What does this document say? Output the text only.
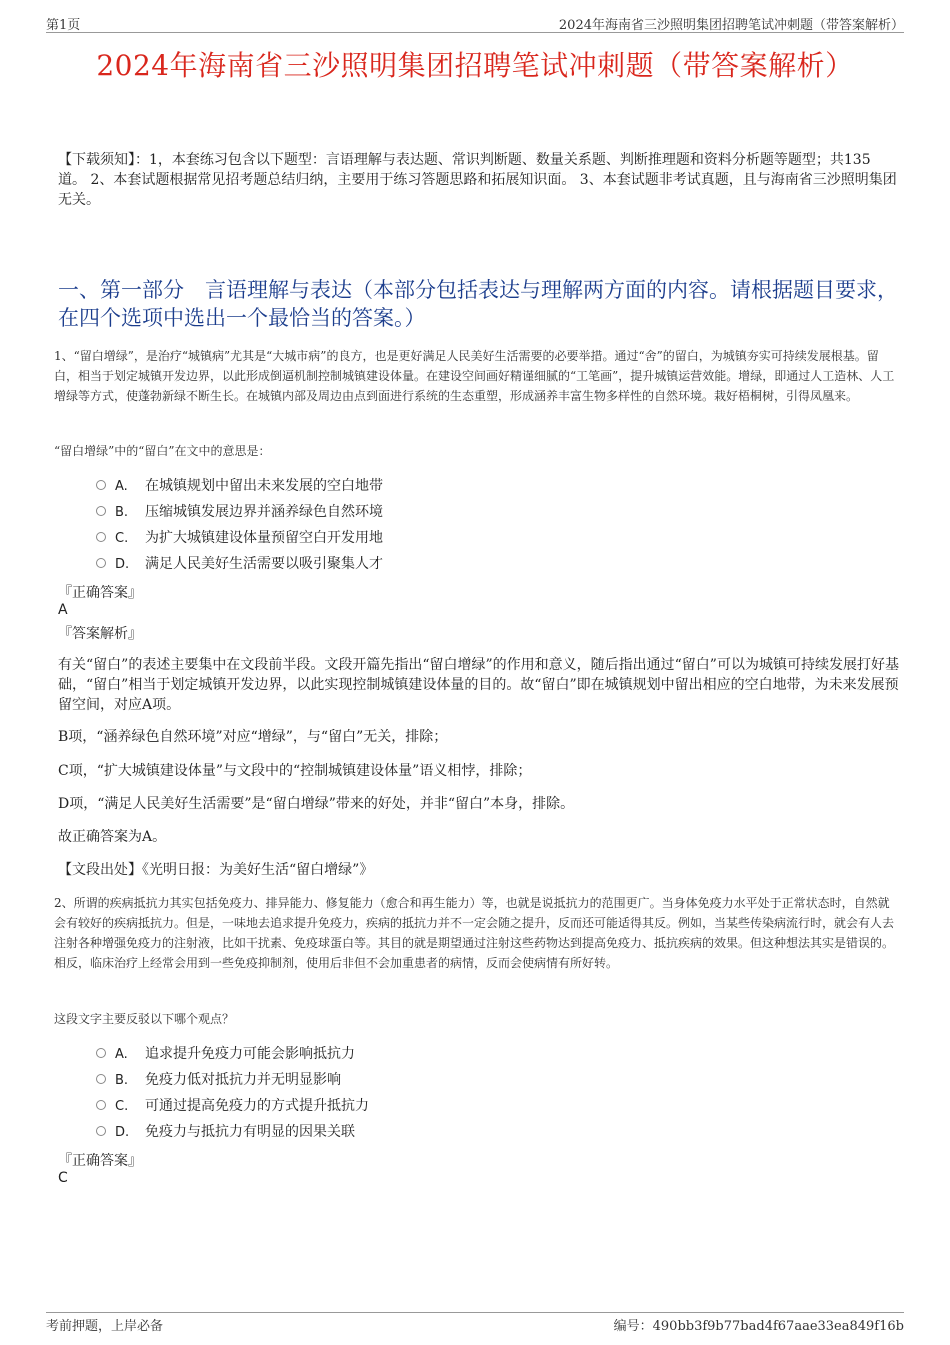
第1页	2024年海南省三沙照明集团招聘笔试冲刺题（带答案解析）
2024年海南省三沙照明集团招聘笔试冲刺题（带答案解析）
【下载须知】：1，本套练习包含以下题型：言语理解与表达题、常识判断题、数量关系题、判断推理题和资料分析题等题型；共135道。 2、本套试题根据常见招考题总结归纳，主要用于练习答题思路和拓展知识面。 3、本套试题非考试真题，且与海南省三沙照明集团无关。
一、第一部分　言语理解与表达（本部分包括表达与理解两方面的内容。请根据题目要求，在四个选项中选出一个最恰当的答案。）
1、“留白增绿”，是治疗“城镇病”尤其是“大城市病”的良方，也是更好满足人民美好生活需要的必要举措。通过“舍”的留白，为城镇夯实可持续发展根基。留白，相当于划定城镇开发边界，以此形成倒逼机制控制城镇建设体量。在建设空间画好精谨细腻的“工笔画”，提升城镇运营效能。增绿，即通过人工造林、人工增绿等方式，使蓬勃新绿不断生长。在城镇内部及周边由点到面进行系统的生态重塑，形成涵养丰富生物多样性的自然环境。栽好梧桐树，引得凤凰来。
“留白增绿”中的“留白”在文中的意思是：
A. 在城镇规划中留出未来发展的空白地带
B. 压缩城镇发展边界并涵养绿色自然环境
C. 为扩大城镇建设体量预留空白开发用地
D. 满足人民美好生活需要以吸引聚集人才
『正确答案』
A
『答案解析』
有关“留白”的表述主要集中在文段前半段。文段开篇先指出“留白增绿”的作用和意义，随后指出通过“留白”可以为城镇可持续发展打好基础，“留白”相当于划定城镇开发边界，以此实现控制城镇建设体量的目的。故“留白”即在城镇规划中留出相应的空白地带，为未来发展预留空间，对应A项。
B项，“涵养绿色自然环境”对应“增绿”，与“留白”无关，排除；
C项，“扩大城镇建设体量”与文段中的“控制城镇建设体量”语义相悖，排除；
D项，“满足人民美好生活需要”是“留白增绿”带来的好处，并非“留白”本身，排除。
故正确答案为A。
【文段出处】《光明日报：为美好生活“留白增绿”》
2、所谓的疾病抵抗力其实包括免疫力、排异能力、修复能力（愈合和再生能力）等，也就是说抵抗力的范围更广。当身体免疫力水平处于正常状态时，自然就会有较好的疾病抵抗力。但是，一味地去追求提升免疫力，疾病的抵抗力并不一定会随之提升，反而还可能适得其反。例如，当某些传染病流行时，就会有人去注射各种增强免疫力的注射液，比如干扰素、免疫球蛋白等。其目的就是期望通过注射这些药物达到提高免疫力、抵抗疾病的效果。但这种想法其实是错误的。相反，临床治疗上经常会用到一些免疫抑制剂，使用后非但不会加重患者的病情，反而会使病情有所好转。
这段文字主要反驳以下哪个观点？
A. 追求提升免疫力可能会影响抵抗力
B. 免疫力低对抵抗力并无明显影响
C. 可通过提高免疫力的方式提升抵抗力
D. 免疫力与抵抗力有明显的因果关联
『正确答案』
C
考前押题，上岸必备	编号：490bb3f9b77bad4f67aae33ea849f16b
